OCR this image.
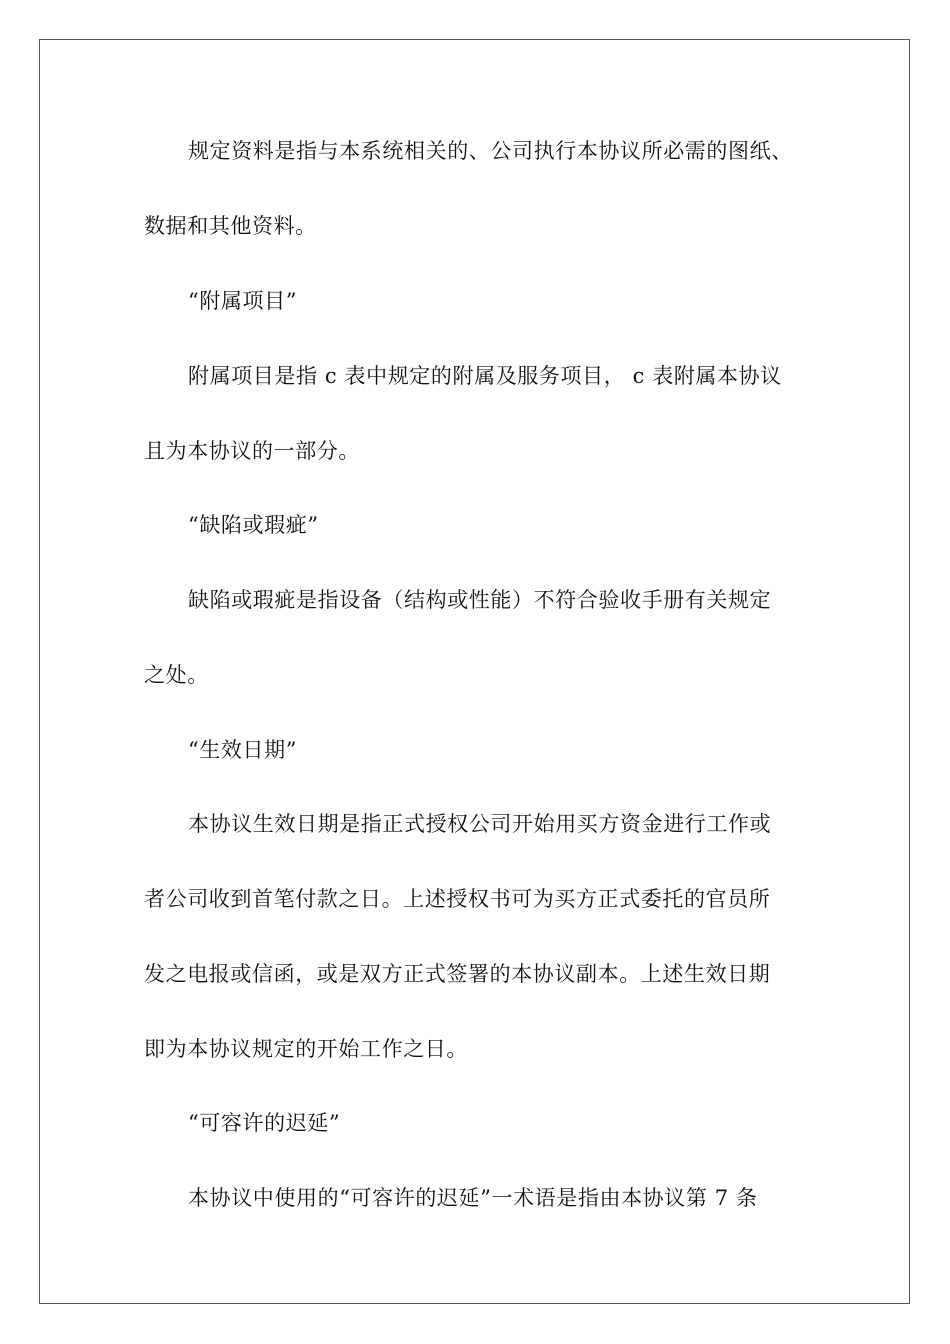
规定资料是指与本系统相关的、公司执行本协议所必需的图纸、
数据和其他资料。
“附属项目”
附属项目是指 c 表中规定的附属及服务项目， c 表附属本协议
且为本协议的一部分。
“缺陷或瑕疵”
缺陷或瑕疵是指设备（结构或性能）不符合验收手册有关规定
之处。
“生效日期”
本协议生效日期是指正式授权公司开始用买方资金进行工作或
者公司收到首笔付款之日。上述授权书可为买方正式委托的官员所
发之电报或信函，或是双方正式签署的本协议副本。上述生效日期
即为本协议规定的开始工作之日。
“可容许的迟延”
本协议中使用的“可容许的迟延”一术语是指由本协议第 7 条
